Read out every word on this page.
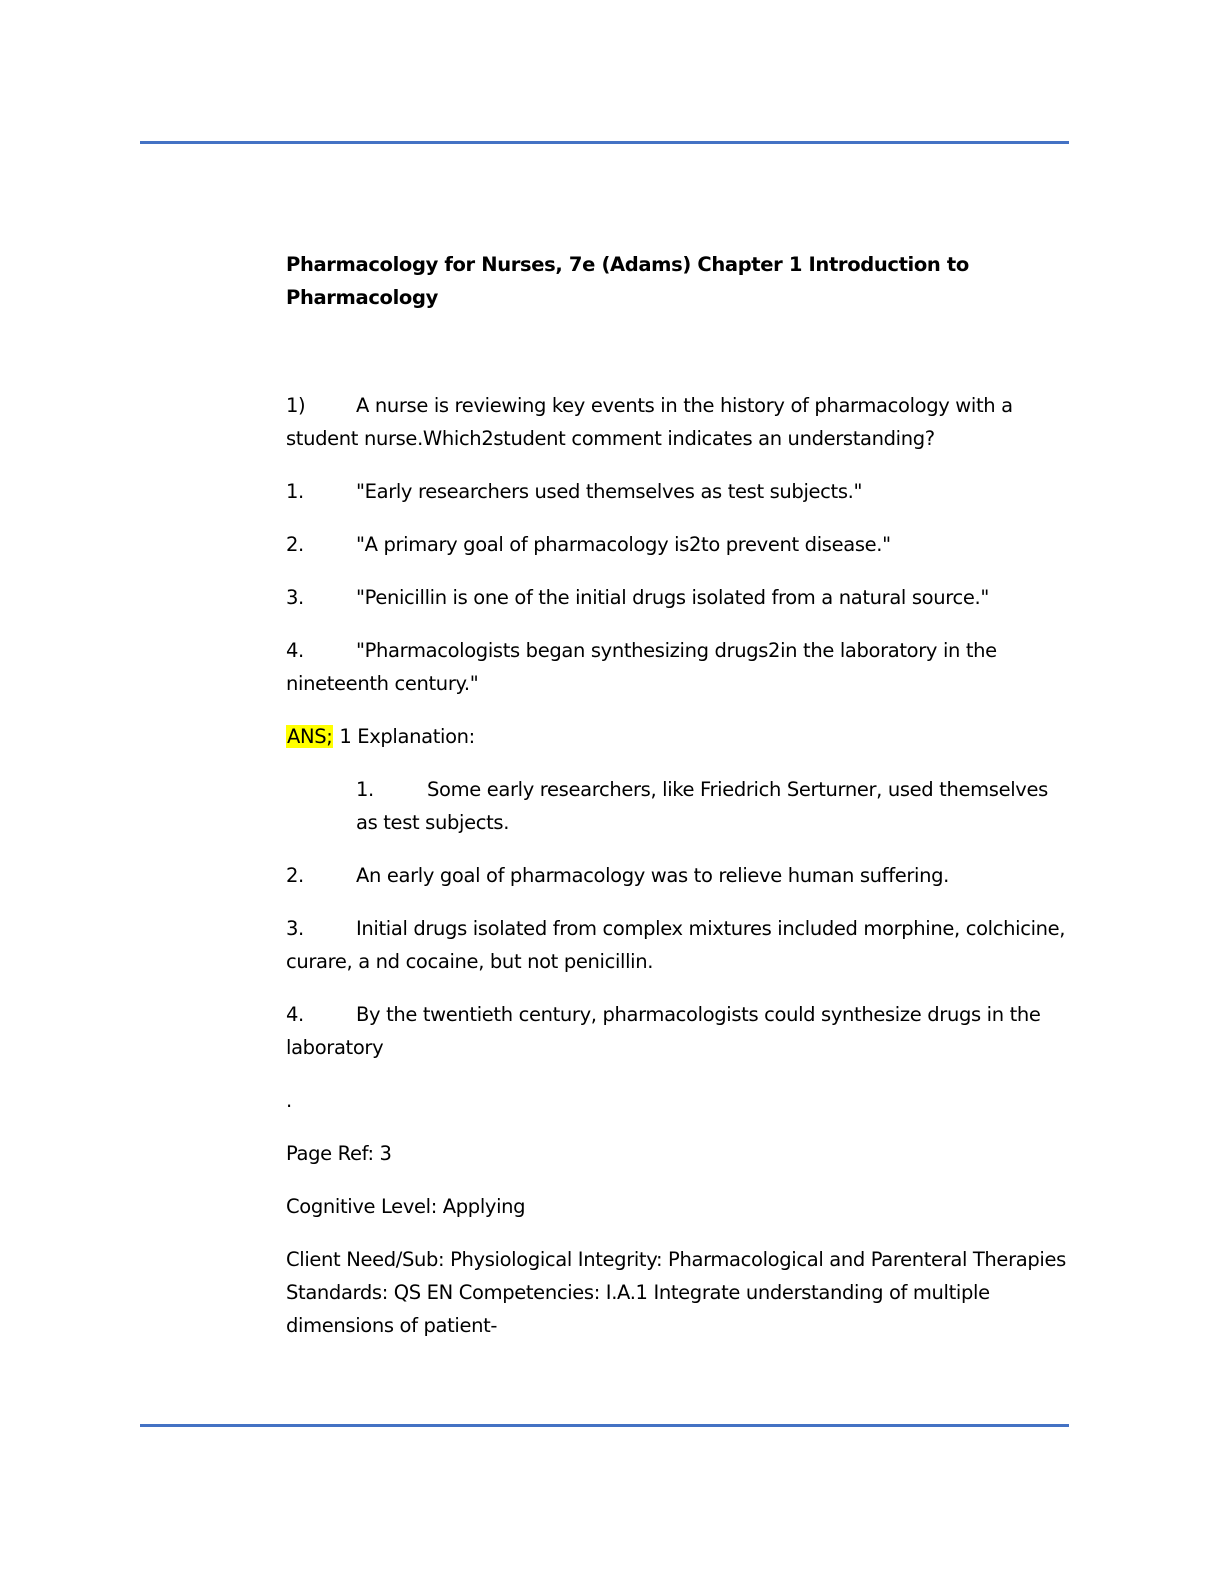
Pharmacology for Nurses, 7e (Adams) Chapter 1 Introduction to Pharmacology

1)	A nurse is reviewing key events in the history of pharmacology with a student nurse.Which2student comment indicates an understanding?

1.	"Early researchers used themselves as test subjects."

2.	"A primary goal of pharmacology is2to prevent disease."

3.	"Penicillin is one of the initial drugs isolated from a natural source."

4.	"Pharmacologists began synthesizing drugs2in the laboratory in the nineteenth century."

ANS; 1 Explanation:

1.	Some early researchers, like Friedrich Serturner, used themselves as test subjects.

2.	An early goal of pharmacology was to relieve human suffering.

3.	Initial drugs isolated from complex mixtures included morphine, colchicine, curare, a nd cocaine, but not penicillin.

4.	By the twentieth century, pharmacologists could synthesize drugs in the laboratory

.

Page Ref: 3

Cognitive Level: Applying

Client Need/Sub: Physiological Integrity: Pharmacological and Parenteral Therapies Standards: QS EN Competencies: I.A.1 Integrate understanding of multiple dimensions of patient-
